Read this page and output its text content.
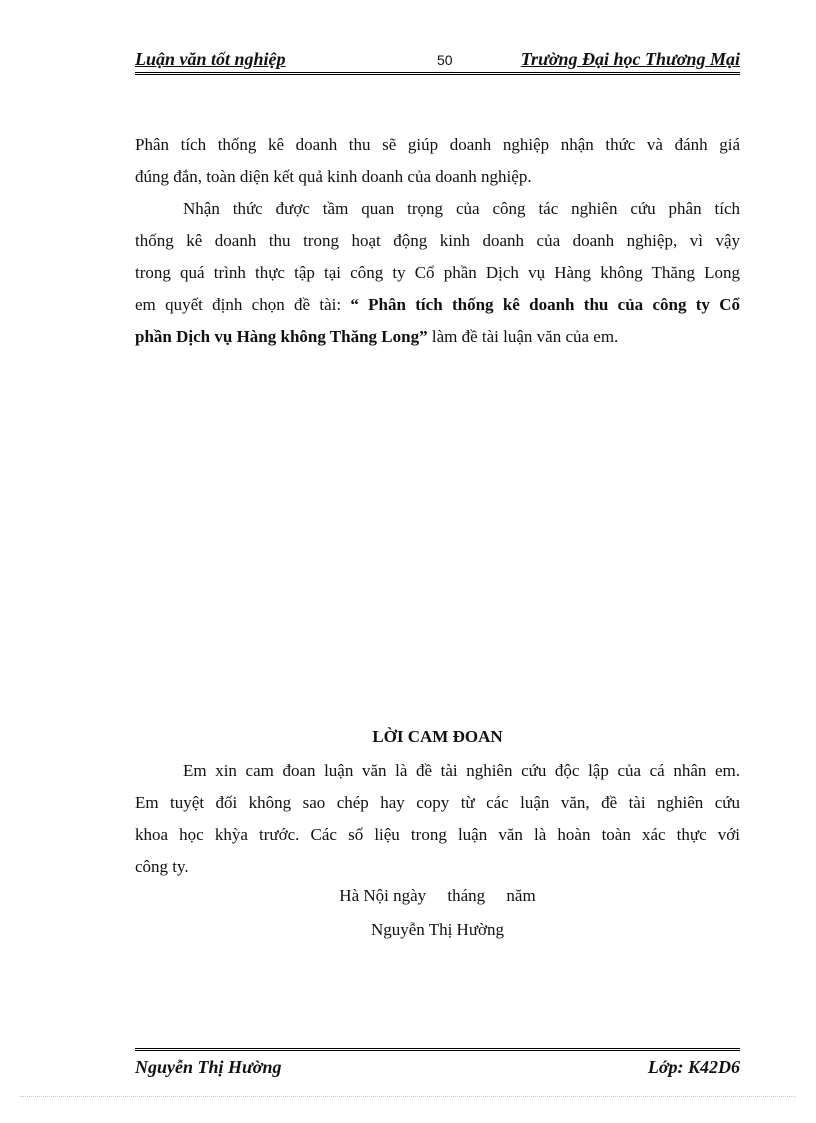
Luận văn tốt nghiệp	50	Trường Đại học Thương Mại
Phân tích thống kê doanh thu sẽ giúp doanh nghiệp nhận thức và đánh giá
đúng đắn, toàn diện kết quả kinh doanh của doanh nghiệp.
Nhận thức được tầm quan trọng của công tác nghiên cứu phân tích
thống kê doanh thu trong hoạt động kinh doanh của doanh nghiệp, vì vậy
trong quá trình thực tập tại công ty Cổ phần Dịch vụ Hàng không Thăng Long
em quyết định chọn đề tài: “ Phân tích thống kê doanh thu của công ty Cổ
phần Dịch vụ Hàng không Thăng Long” làm đề tài luận văn của em.
LỜI CAM ĐOAN
Em xin cam đoan luận văn là đề tài nghiên cứu độc lập của cá nhân em.
Em tuyệt đối không sao chép hay copy từ các luận văn, đề tài nghiên cứu
khoa học khỳa trước. Các số liệu trong luận văn là hoàn toàn xác thực với
công ty.
Hà Nội ngày     tháng     năm
Nguyễn Thị Hường
Nguyễn Thị Hường	Lớp: K42D6
